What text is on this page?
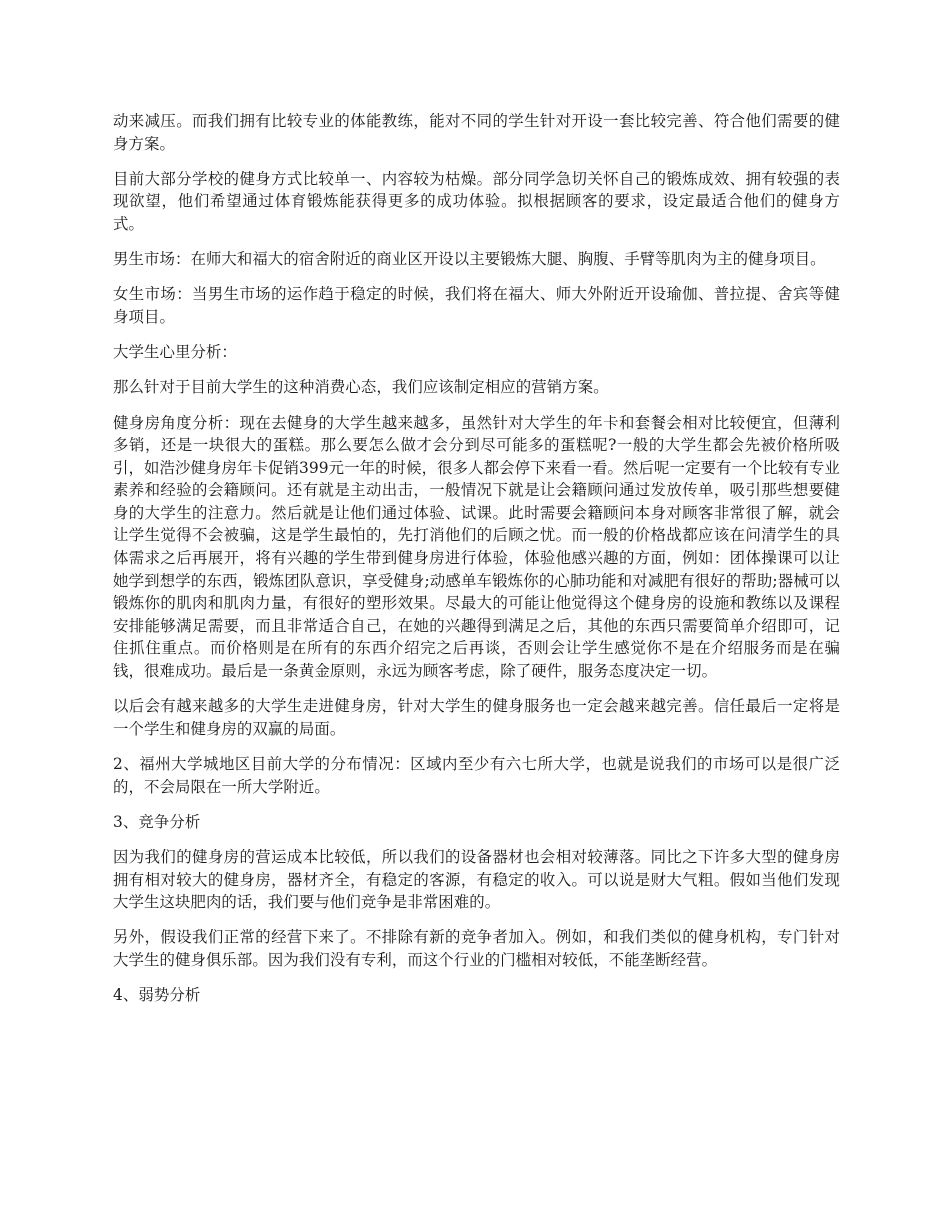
动来减压。而我们拥有比较专业的体能教练，能对不同的学生针对开设一套比较完善、符合他们需要的健身方案。

目前大部分学校的健身方式比较单一、内容较为枯燥。部分同学急切关怀自己的锻炼成效、拥有较强的表现欲望，他们希望通过体育锻炼能获得更多的成功体验。拟根据顾客的要求，设定最适合他们的健身方式。

男生市场：在师大和福大的宿舍附近的商业区开设以主要锻炼大腿、胸腹、手臂等肌肉为主的健身项目。

女生市场：当男生市场的运作趋于稳定的时候，我们将在福大、师大外附近开设瑜伽、普拉提、舍宾等健身项目。

大学生心里分析：

那么针对于目前大学生的这种消费心态，我们应该制定相应的营销方案。

健身房角度分析：现在去健身的大学生越来越多，虽然针对大学生的年卡和套餐会相对比较便宜，但薄利多销，还是一块很大的蛋糕。那么要怎么做才会分到尽可能多的蛋糕呢?一般的大学生都会先被价格所吸引，如浩沙健身房年卡促销399元一年的时候，很多人都会停下来看一看。然后呢一定要有一个比较有专业素养和经验的会籍顾问。还有就是主动出击，一般情况下就是让会籍顾问通过发放传单，吸引那些想要健身的大学生的注意力。然后就是让他们通过体验、试课。此时需要会籍顾问本身对顾客非常很了解，就会让学生觉得不会被骗，这是学生最怕的，先打消他们的后顾之忧。而一般的价格战都应该在问清学生的具体需求之后再展开，将有兴趣的学生带到健身房进行体验，体验他感兴趣的方面，例如：团体操课可以让她学到想学的东西，锻炼团队意识，享受健身;动感单车锻炼你的心肺功能和对减肥有很好的帮助;器械可以锻炼你的肌肉和肌肉力量，有很好的塑形效果。尽最大的可能让他觉得这个健身房的设施和教练以及课程安排能够满足需要，而且非常适合自己，在她的兴趣得到满足之后，其他的东西只需要简单介绍即可，记住抓住重点。而价格则是在所有的东西介绍完之后再谈，否则会让学生感觉你不是在介绍服务而是在骗钱，很难成功。最后是一条黄金原则，永远为顾客考虑，除了硬件，服务态度决定一切。

以后会有越来越多的大学生走进健身房，针对大学生的健身服务也一定会越来越完善。信任最后一定将是一个学生和健身房的双赢的局面。

2、福州大学城地区目前大学的分布情况：区域内至少有六七所大学，也就是说我们的市场可以是很广泛的，不会局限在一所大学附近。

3、竞争分析

因为我们的健身房的营运成本比较低，所以我们的设备器材也会相对较薄落。同比之下许多大型的健身房拥有相对较大的健身房，器材齐全，有稳定的客源，有稳定的收入。可以说是财大气粗。假如当他们发现大学生这块肥肉的话，我们要与他们竞争是非常困难的。

另外，假设我们正常的经营下来了。不排除有新的竞争者加入。例如，和我们类似的健身机构，专门针对大学生的健身俱乐部。因为我们没有专利，而这个行业的门槛相对较低，不能垄断经营。

4、弱势分析
